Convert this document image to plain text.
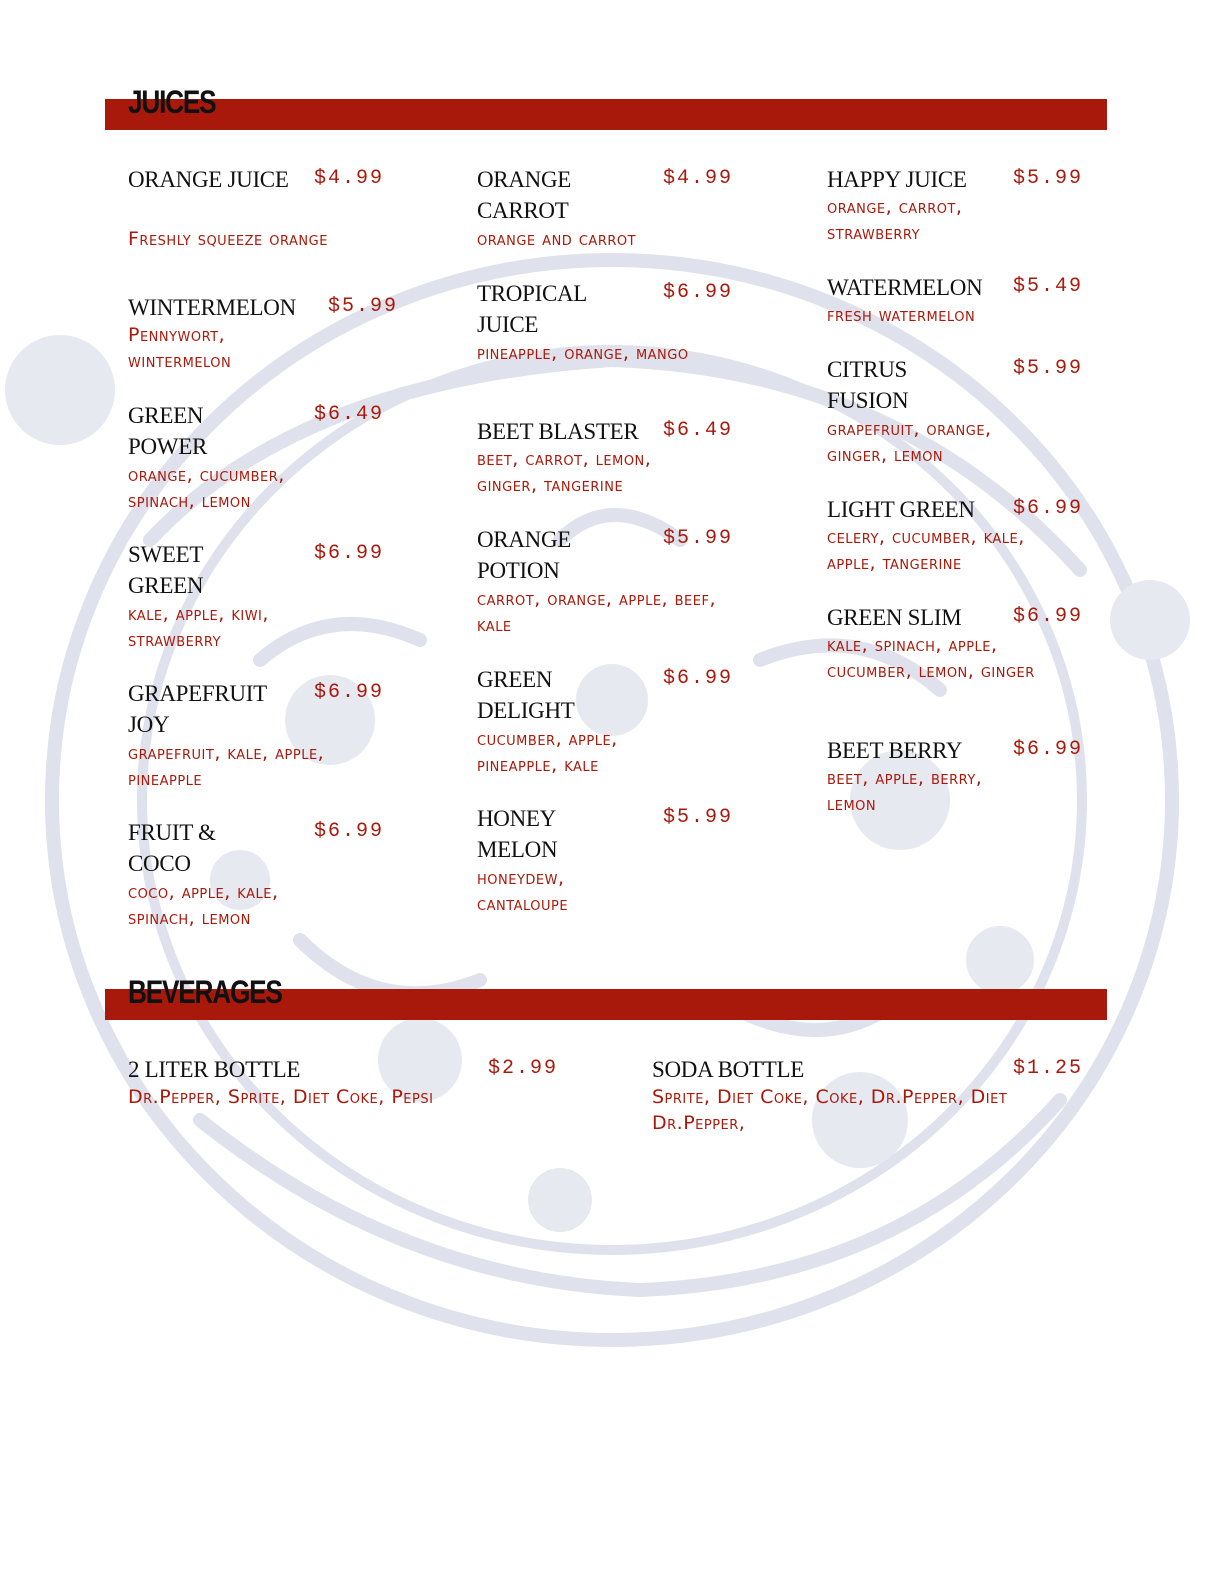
JUICES
ORANGE JUICE	$4.99
Freshly squeeze orange
WINTERMELON	$5.99
Pennywort, wintermelon
GREEN POWER
$6.49
orange, cucumber, spinach, lemon
SWEET GREEN
$6.99
kale, apple, kiwi, strawberry
GRAPEFRUIT JOY
$6.99
grapefruit, kale, apple, pineapple
FRUIT & COCO
$6.99
coco, apple, kale, spinach, lemon
ORANGE CARROT
$4.99
orange and carrot
TROPICAL JUICE
$6.99
pineapple, orange, mango
BEET BLASTER	$6.49
beet, carrot, lemon, ginger, tangerine
ORANGE POTION
$5.99
carrot, orange, apple, beef, kale
GREEN DELIGHT
$6.99
cucumber, apple, pineapple, kale
HONEY MELON
$5.99
honeydew, cantaloupe
HAPPY JUICE	$5.99
orange, carrot, strawberry
WATERMELON	$5.49
fresh watermelon
CITRUS FUSION
$5.99
grapefruit, orange, ginger, lemon
LIGHT GREEN	$6.99
celery, cucumber, kale, apple, tangerine
GREEN SLIM	$6.99
kale, spinach, apple, cucumber, lemon, ginger
BEET BERRY	$6.99
beet, apple, berry, lemon
BEVERAGES
2 LITER BOTTLE	$2.99
Dr.Pepper, Sprite, Diet Coke, Pepsi
SODA BOTTLE	$1.25
Sprite, Diet Coke, Coke, Dr.Pepper, Diet Dr.Pepper,
